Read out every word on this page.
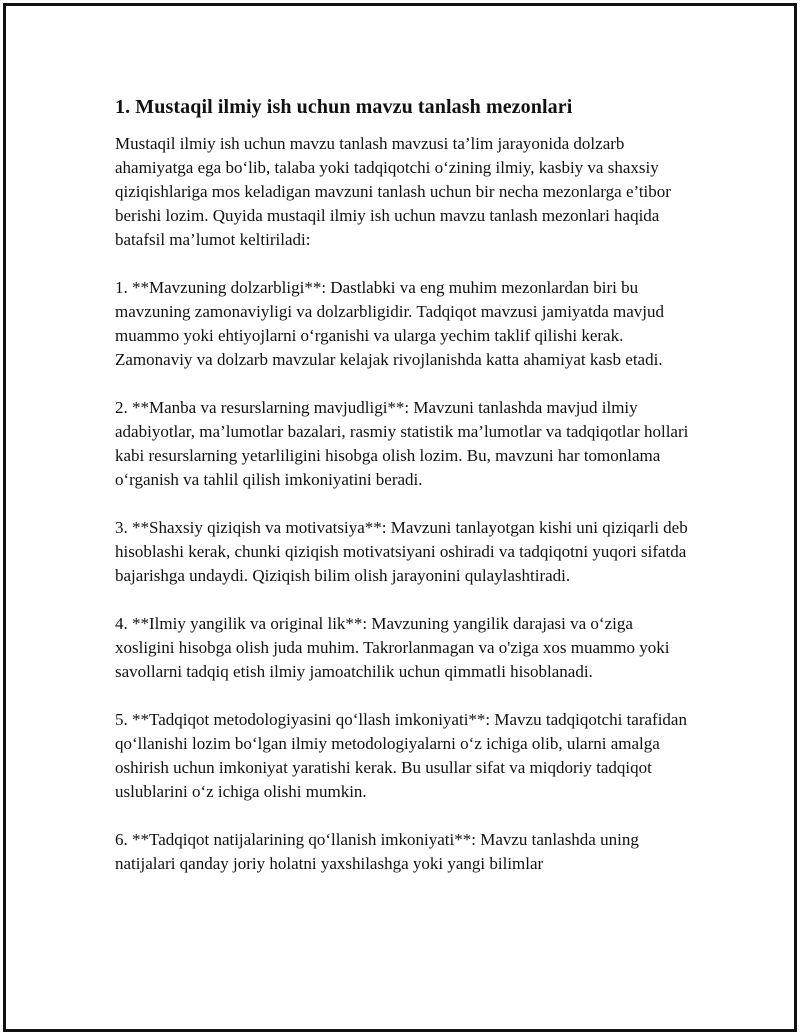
1. Mustaqil ilmiy ish uchun mavzu tanlash mezonlari

Mustaqil ilmiy ish uchun mavzu tanlash mavzusi ta’lim jarayonida dolzarb ahamiyatga ega bo‘lib, talaba yoki tadqiqotchi o‘zining ilmiy, kasbiy va shaxsiy qiziqishlariga mos keladigan mavzuni tanlash uchun bir necha mezonlarga e’tibor berishi lozim. Quyida mustaqil ilmiy ish uchun mavzu tanlash mezonlari haqida batafsil ma’lumot keltiriladi:

1. **Mavzuning dolzarbligi**: Dastlabki va eng muhim mezonlardan biri bu mavzuning zamonaviyligi va dolzarbligidir. Tadqiqot mavzusi jamiyatda mavjud muammo yoki ehtiyojlarni o‘rganishi va ularga yechim taklif qilishi kerak. Zamonaviy va dolzarb mavzular kelajak rivojlanishda katta ahamiyat kasb etadi.

2. **Manba va resurslarning mavjudligi**: Mavzuni tanlashda mavjud ilmiy adabiyotlar, ma’lumotlar bazalari, rasmiy statistik ma’lumotlar va tadqiqotlar hollari kabi resurslarning yetarliligini hisobga olish lozim. Bu, mavzuni har tomonlama o‘rganish va tahlil qilish imkoniyatini beradi.

3. **Shaxsiy qiziqish va motivatsiya**: Mavzuni tanlayotgan kishi uni qiziqarli deb hisoblashi kerak, chunki qiziqish motivatsiyani oshiradi va tadqiqotni yuqori sifatda bajarishga undaydi. Qiziqish bilim olish jarayonini qulaylashtiradi.

4. **Ilmiy yangilik va original lik**: Mavzuning yangilik darajasi va o‘ziga xosligini hisobga olish juda muhim. Takrorlanmagan va o'ziga xos muammo yoki savollarni tadqiq etish ilmiy jamoatchilik uchun qimmatli hisoblanadi.

5. **Tadqiqot metodologiyasini qo‘llash imkoniyati**: Mavzu tadqiqotchi tarafidan qo‘llanishi lozim bo‘lgan ilmiy metodologiyalarni o‘z ichiga olib, ularni amalga oshirish uchun imkoniyat yaratishi kerak. Bu usullar sifat va miqdoriy tadqiqot uslublarini o‘z ichiga olishi mumkin.

6. **Tadqiqot natijalarining qo‘llanish imkoniyati**: Mavzu tanlashda uning natijalari qanday joriy holatni yaxshilashga yoki yangi bilimlar
